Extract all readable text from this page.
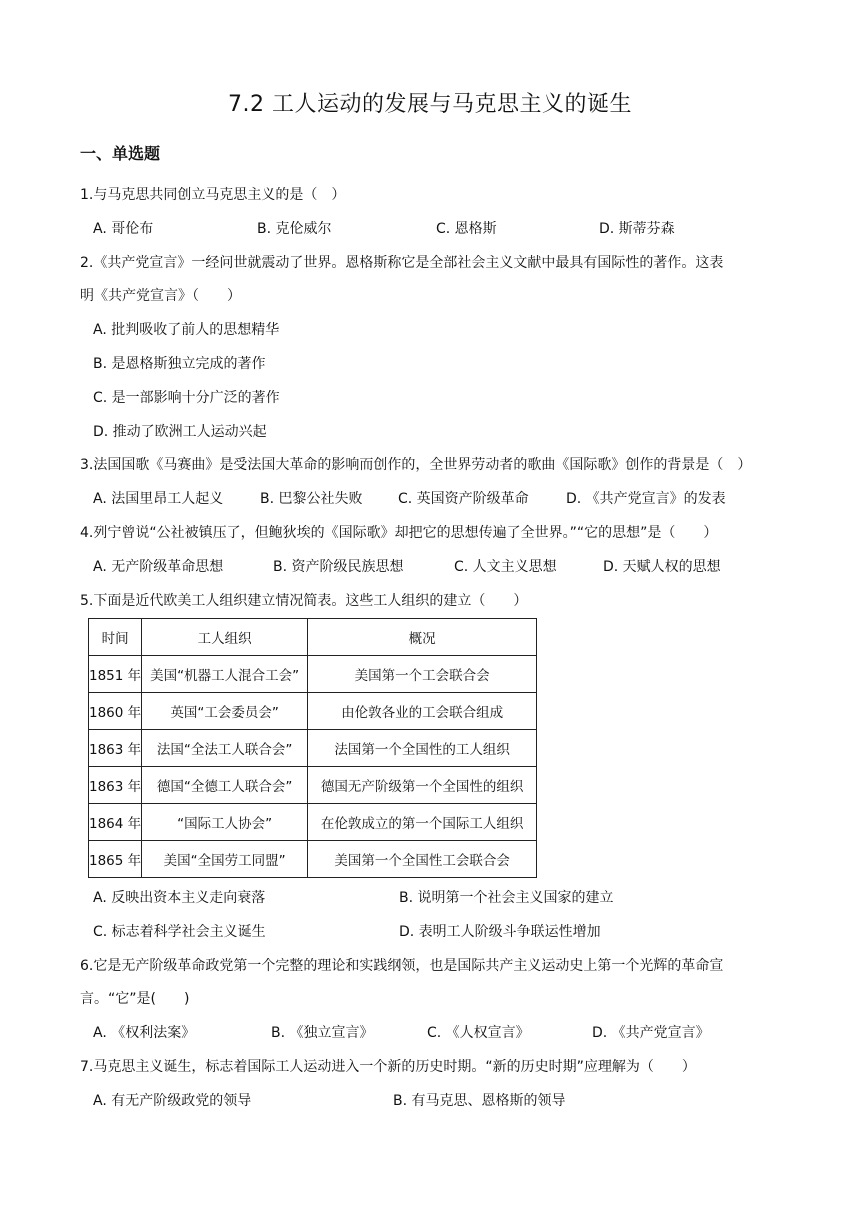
7.2 工人运动的发展与马克思主义的诞生
一、单选题
1.与马克思共同创立马克思主义的是（　）
A. 哥伦布	B. 克伦威尔	C. 恩格斯	D. 斯蒂芬森
2.《共产党宣言》一经问世就震动了世界。恩格斯称它是全部社会主义文献中最具有国际性的著作。这表
明《共产党宣言》（　　）
A. 批判吸收了前人的思想精华
B. 是恩格斯独立完成的著作
C. 是一部影响十分广泛的著作
D. 推动了欧洲工人运动兴起
3.法国国歌《马赛曲》是受法国大革命的影响而创作的，全世界劳动者的歌曲《国际歌》创作的背景是（　）
A. 法国里昂工人起义	B. 巴黎公社失败	C. 英国资产阶级革命	D. 《共产党宣言》的发表
4.列宁曾说“公社被镇压了，但鲍狄埃的《国际歌》却把它的思想传遍了全世界。”“它的思想”是（　　）
A. 无产阶级革命思想	B. 资产阶级民族思想	C. 人文主义思想	D. 天赋人权的思想
5.下面是近代欧美工人组织建立情况简表。这些工人组织的建立（　　）
时间	工人组织	概况
1851 年	美国“机器工人混合工会”	美国第一个工会联合会
1860 年	英国“工会委员会”	由伦敦各业的工会联合组成
1863 年	法国“全法工人联合会”	法国第一个全国性的工人组织
1863 年	德国“全德工人联合会”	德国无产阶级第一个全国性的组织
1864 年	“国际工人协会”	在伦敦成立的第一个国际工人组织
1865 年	美国“全国劳工同盟”	美国第一个全国性工会联合会
A. 反映出资本主义走向衰落	B. 说明第一个社会主义国家的建立
C. 标志着科学社会主义诞生	D. 表明工人阶级斗争联运性增加
6.它是无产阶级革命政党第一个完整的理论和实践纲领，也是国际共产主义运动史上第一个光辉的革命宣
言。“它”是(　　)
A. 《权利法案》	B. 《独立宣言》	C. 《人权宣言》	D. 《共产党宣言》
7.马克思主义诞生，标志着国际工人运动进入一个新的历史时期。“新的历史时期”应理解为（　　）
A. 有无产阶级政党的领导	B. 有马克思、恩格斯的领导
